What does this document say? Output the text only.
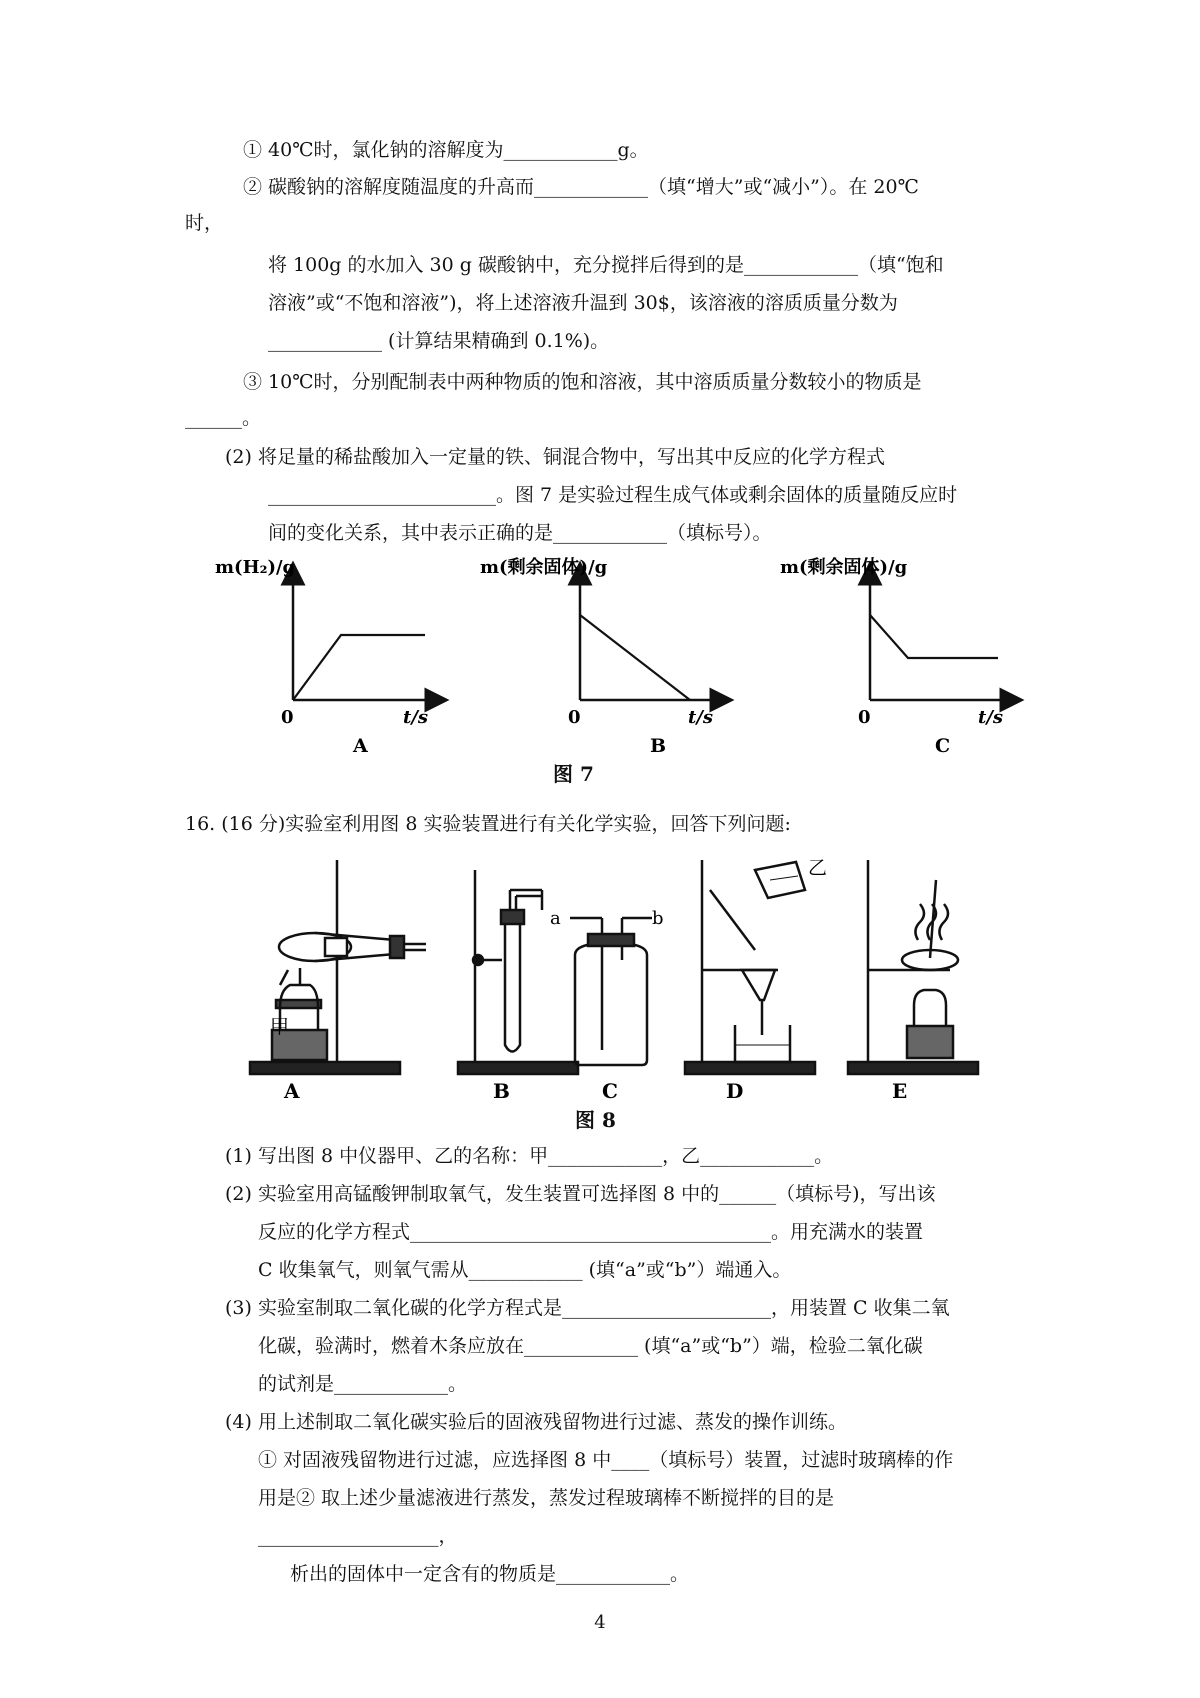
① 40℃时，氯化钠的溶解度为____________g。
② 碳酸钠的溶解度随温度的升高而____________（填“增大”或“减小”）。在 20℃
时，
将 100g 的水加入 30 g 碳酸钠中，充分搅拌后得到的是____________（填“饱和
溶液”或“不饱和溶液”)，将上述溶液升温到 30$，该溶液的溶质质量分数为
____________ (计算结果精确到 0.1%)。
③ 10℃时，分别配制表中两种物质的饱和溶液，其中溶质质量分数较小的物质是
______。
(2) 将足量的稀盐酸加入一定量的铁、铜混合物中，写出其中反应的化学方程式
________________________。图 7 是实验过程生成气体或剩余固体的质量随反应时
间的变化关系，其中表示正确的是____________（填标号）。
m(H₂)/g
0	t/s
A
m(剩余固体)/g
0	t/s
B
m(剩余固体)/g
0	t/s
C
图 7
16. (16 分)实验室利用图 8 实验装置进行有关化学实验，回答下列问题:
甲
乙
a	b
A	B	C	D	E
图 8
(1) 写出图 8 中仪器甲、乙的名称：甲____________，乙____________。
(2) 实验室用高锰酸钾制取氧气，发生装置可选择图 8 中的______（填标号)，写出该
反应的化学方程式______________________________________。用充满水的装置
C 收集氧气，则氧气需从____________ (填“a”或“b”）端通入。
(3) 实验室制取二氧化碳的化学方程式是______________________，用装置 C 收集二氧
化碳，验满时，燃着木条应放在____________ (填“a”或“b”）端，检验二氧化碳
的试剂是____________。
(4) 用上述制取二氧化碳实验后的固液残留物进行过滤、蒸发的操作训练。
① 对固液残留物进行过滤，应选择图 8 中____（填标号）装置，过滤时玻璃棒的作
用是② 取上述少量滤液进行蒸发，蒸发过程玻璃棒不断搅拌的目的是
___________________，
析出的固体中一定含有的物质是____________。
4
